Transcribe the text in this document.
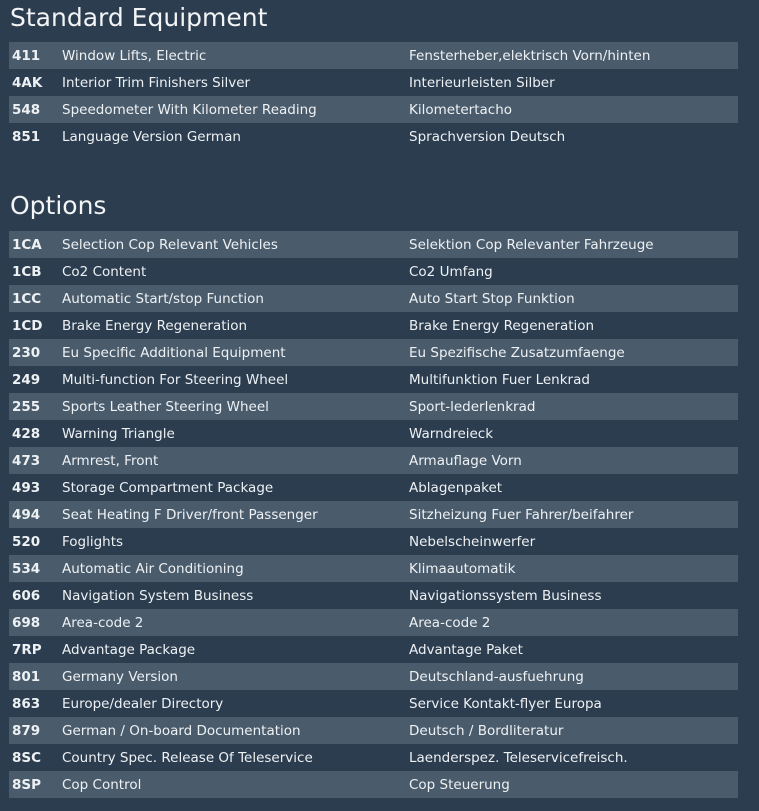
Standard Equipment
411	Window Lifts, Electric	Fensterheber,elektrisch Vorn/hinten
4AK	Interior Trim Finishers Silver	Interieurleisten Silber
548	Speedometer With Kilometer Reading	Kilometertacho
851	Language Version German	Sprachversion Deutsch
Options
1CA	Selection Cop Relevant Vehicles	Selektion Cop Relevanter Fahrzeuge
1CB	Co2 Content	Co2 Umfang
1CC	Automatic Start/stop Function	Auto Start Stop Funktion
1CD	Brake Energy Regeneration	Brake Energy Regeneration
230	Eu Specific Additional Equipment	Eu Spezifische Zusatzumfaenge
249	Multi-function For Steering Wheel	Multifunktion Fuer Lenkrad
255	Sports Leather Steering Wheel	Sport-lederlenkrad
428	Warning Triangle	Warndreieck
473	Armrest, Front	Armauflage Vorn
493	Storage Compartment Package	Ablagenpaket
494	Seat Heating F Driver/front Passenger	Sitzheizung Fuer Fahrer/beifahrer
520	Foglights	Nebelscheinwerfer
534	Automatic Air Conditioning	Klimaautomatik
606	Navigation System Business	Navigationssystem Business
698	Area-code 2	Area-code 2
7RP	Advantage Package	Advantage Paket
801	Germany Version	Deutschland-ausfuehrung
863	Europe/dealer Directory	Service Kontakt-flyer Europa
879	German / On-board Documentation	Deutsch / Bordliteratur
8SC	Country Spec. Release Of Teleservice	Laenderspez. Teleservicefreisch.
8SP	Cop Control	Cop Steuerung
